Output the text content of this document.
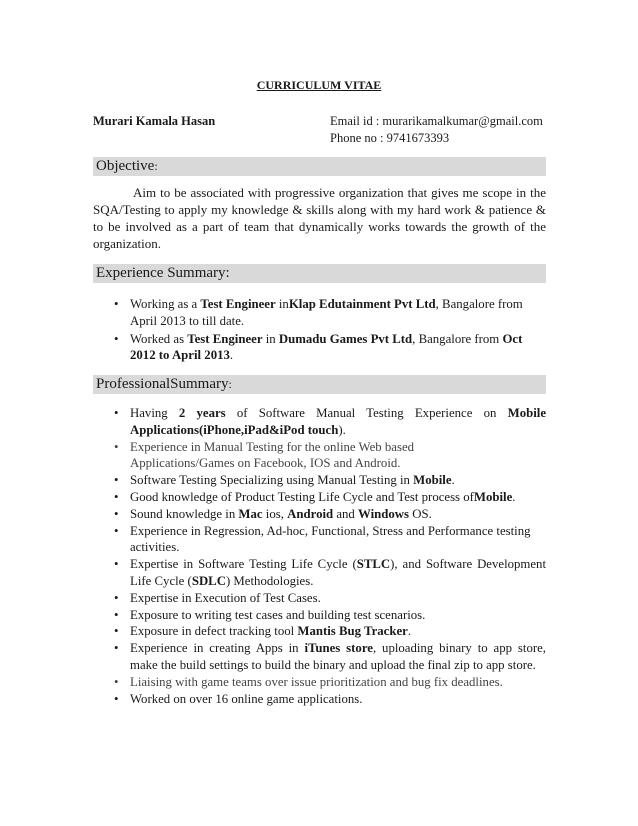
CURRICULUM VITAE
Murari Kamala Hasan	Email id : murarikamalkumar@gmail.com
Phone no : 9741673393
Objective:
Aim to be associated with progressive organization that gives me scope in the SQA/Testing to apply my knowledge & skills along with my hard work & patience & to be involved as a part of team that dynamically works towards the growth of the organization.
Experience Summary:
• Working as a Test Engineer inKlap Edutainment Pvt Ltd, Bangalore from April 2013 to till date.
• Worked as Test Engineer in Dumadu Games Pvt Ltd, Bangalore from Oct 2012 to April 2013.
ProfessionalSummary:
• Having 2 years of Software Manual Testing Experience on Mobile Applications(iPhone,iPad&iPod touch).
• Experience in Manual Testing for the online Web based Applications/Games on Facebook, IOS and Android.
• Software Testing Specializing using Manual Testing in Mobile.
• Good knowledge of Product Testing Life Cycle and Test process ofMobile.
• Sound knowledge in Mac ios, Android and Windows OS.
• Experience in Regression, Ad-hoc, Functional, Stress and Performance testing activities.
• Expertise in Software Testing Life Cycle (STLC), and Software Development Life Cycle (SDLC) Methodologies.
• Expertise in Execution of Test Cases.
• Exposure to writing test cases and building test scenarios.
• Exposure in defect tracking tool Mantis Bug Tracker.
• Experience in creating Apps in iTunes store, uploading binary to app store, make the build settings to build the binary and upload the final zip to app store.
• Liaising with game teams over issue prioritization and bug fix deadlines.
• Worked on over 16 online game applications.
